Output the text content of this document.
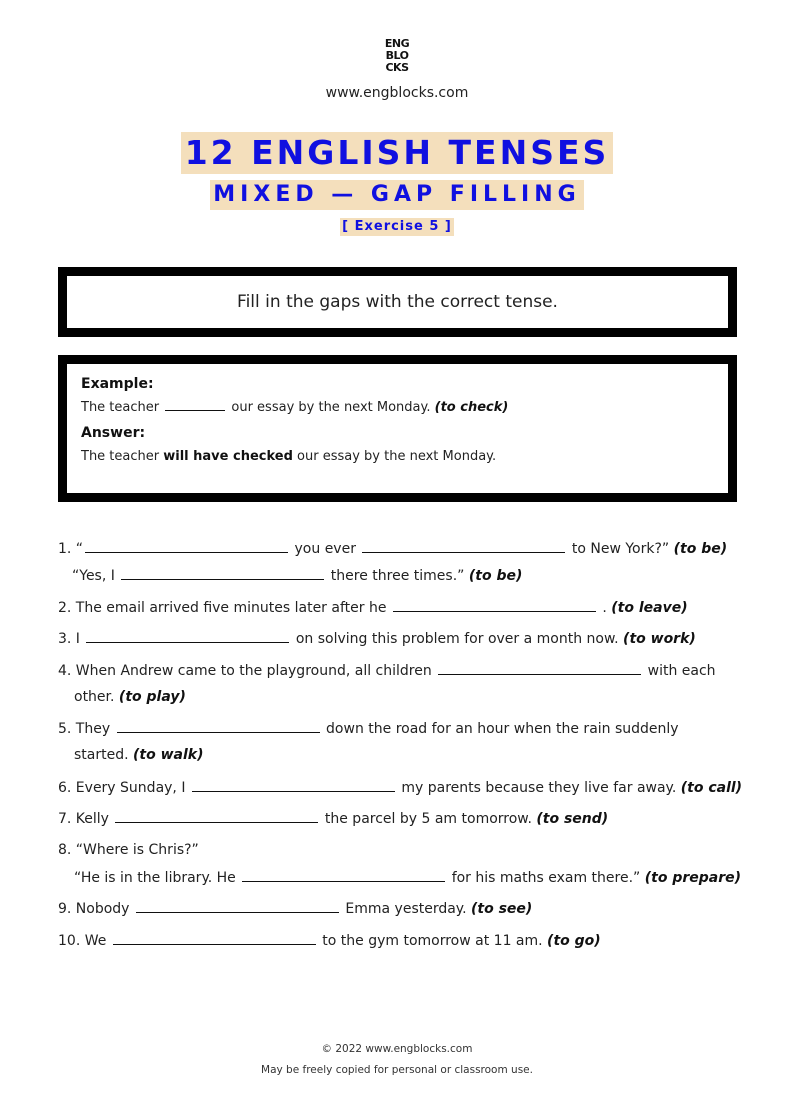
ENG
BLO
CKS
www.engblocks.com
12 ENGLISH TENSES
MIXED — GAP FILLING
[ Exercise 5 ]
Fill in the gaps with the correct tense.
Example:
The teacher	our essay by the next Monday. (to check)
Answer:
The teacher will have checked our essay by the next Monday.
1. “	you ever	to New York?” (to be)
“Yes, I	there three times.” (to be)
2. The email arrived five minutes later after he	. (to leave)
3. I	on solving this problem for over a month now. (to work)
4. When Andrew came to the playground, all children	with each
other. (to play)
5. They	down the road for an hour when the rain suddenly
started. (to walk)
6. Every Sunday, I	my parents because they live far away. (to call)
7. Kelly	the parcel by 5 am tomorrow. (to send)
8. “Where is Chris?”
“He is in the library. He	for his maths exam there.” (to prepare)
9. Nobody	Emma yesterday. (to see)
10. We	to the gym tomorrow at 11 am. (to go)
© 2022 www.engblocks.com
May be freely copied for personal or classroom use.
